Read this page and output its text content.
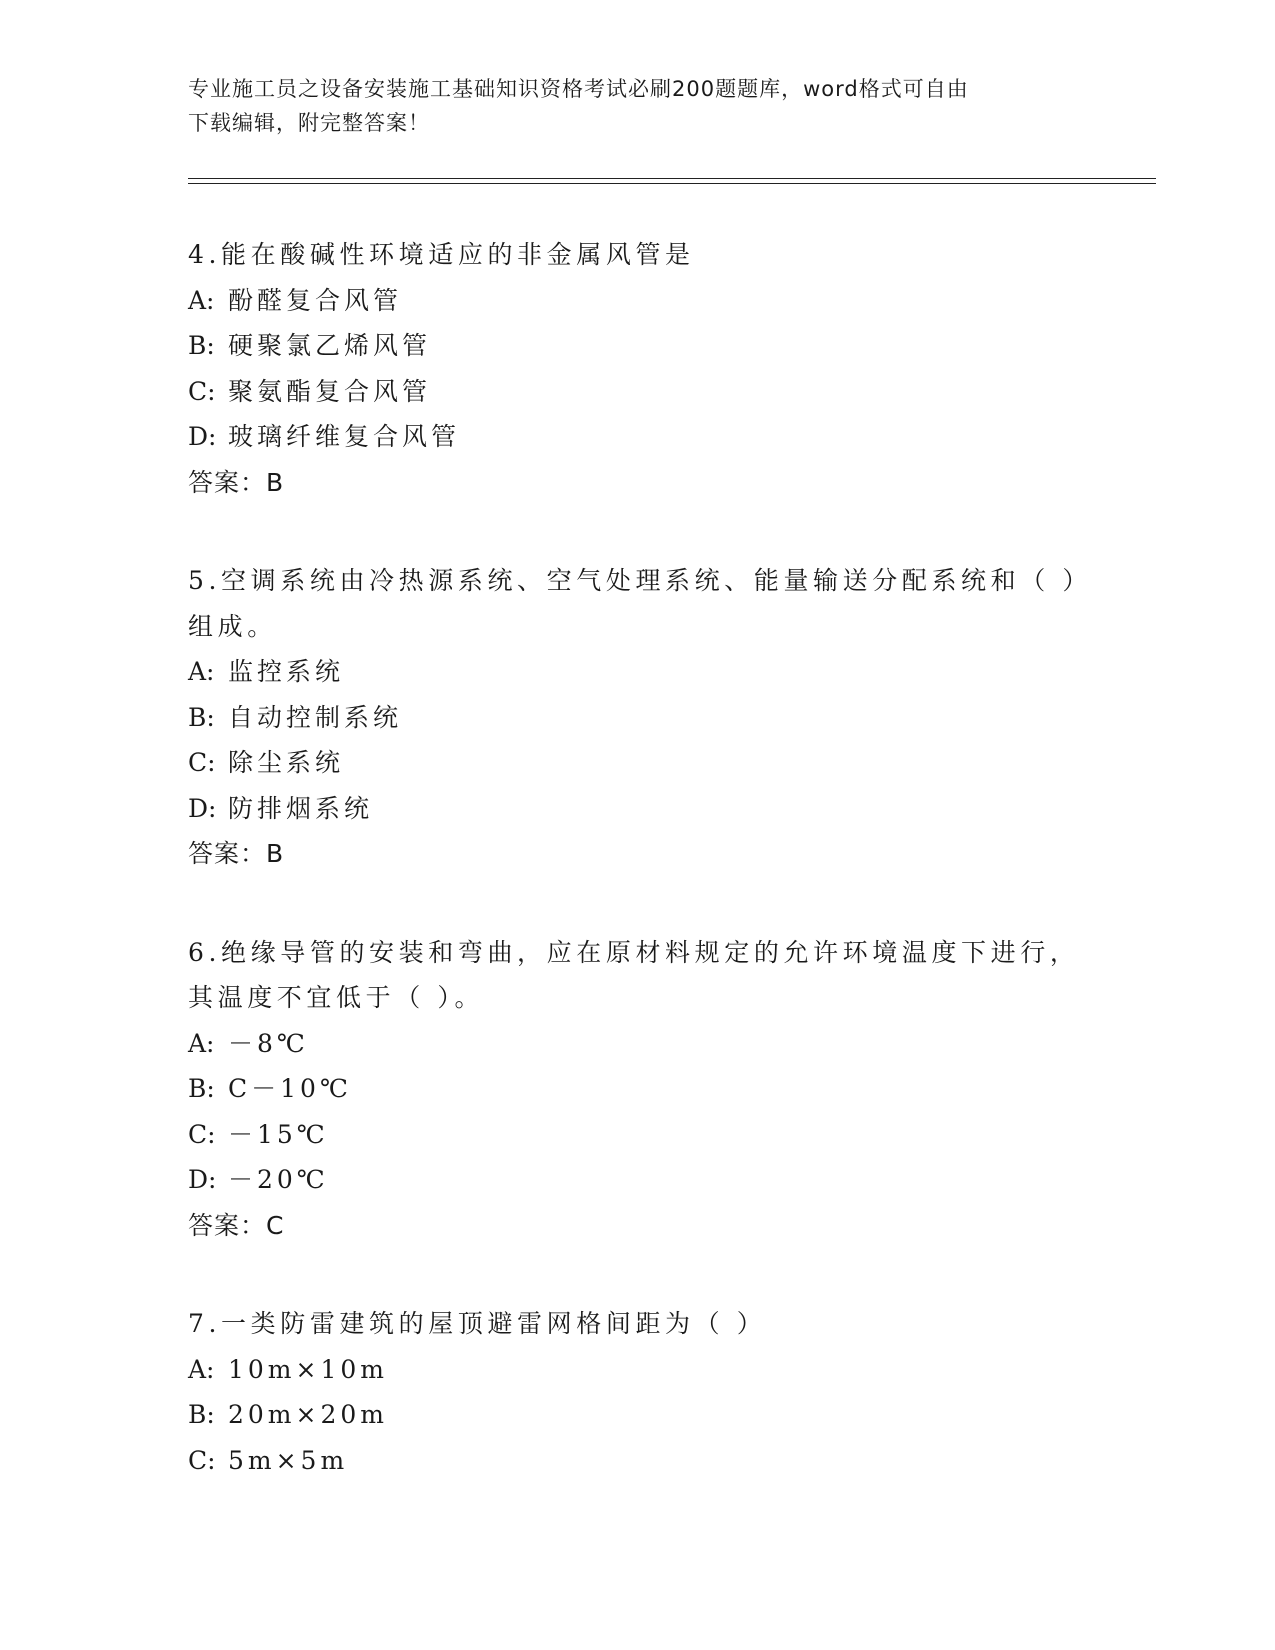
专业施工员之设备安装施工基础知识资格考试必刷200题题库，word格式可自由
下载编辑，附完整答案！

4.能在酸碱性环境适应的非金属风管是

A: 酚醛复合风管

B: 硬聚氯乙烯风管

C: 聚氨酯复合风管

D: 玻璃纤维复合风管

答案：B

5.空调系统由冷热源系统、空气处理系统、能量输送分配系统和（ ）

组成。

A: 监控系统

B: 自动控制系统

C: 除尘系统

D: 防排烟系统

答案：B

6.绝缘导管的安装和弯曲，应在原材料规定的允许环境温度下进行，

其温度不宜低于（ ）。

A: －8℃

B: C－10℃

C: －15℃

D: －20℃

答案：C

7.一类防雷建筑的屋顶避雷网格间距为（ ）

A: 10m×10m

B: 20m×20m

C: 5m×5m
